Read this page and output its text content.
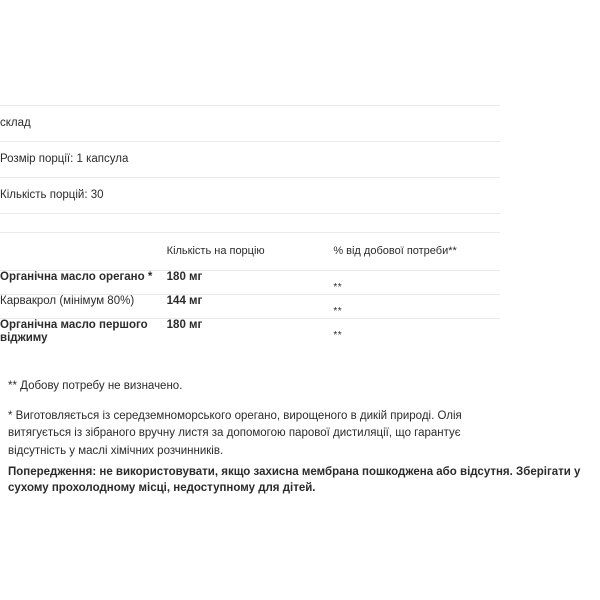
склад		
Розмір порції: 1 капсула		
Кількість порцій: 30		

	Кількість на порцію	% від добової потреби**
Органічна масло орегано *	180 мг	**
Карвакрол (мінімум 80%)	144 мг	**
Органічна масло першого віджиму	180 мг	**

** Добову потребу не визначено.

* Виготовляється із середземноморського орегано, вирощеного в дикій природі. Олія витягується із зібраного вручну листя за допомогою парової дистиляції, що гарантує відсутність у маслі хімічних розчинників.

Попередження: не використовувати, якщо захисна мембрана пошкоджена або відсутня. Зберігати у сухому прохолодному місці, недоступному для дітей.
